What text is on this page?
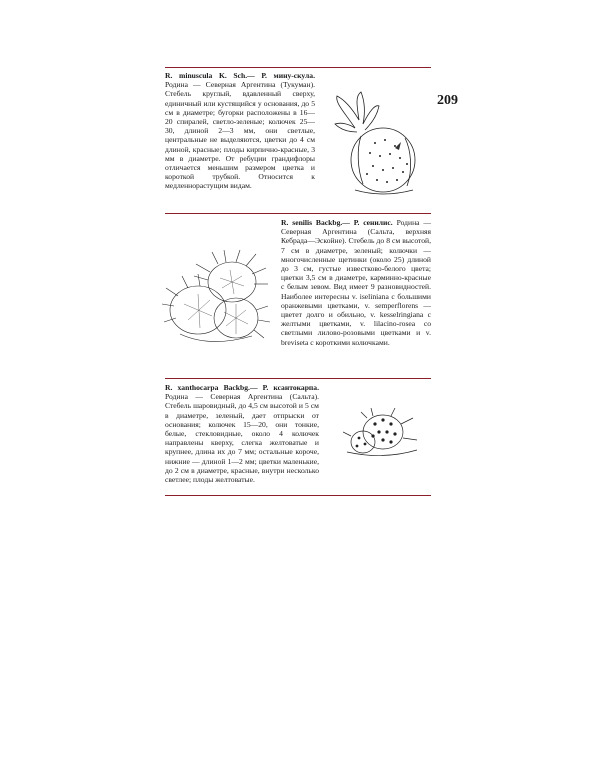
209
R. minuscula K. Sch.— Р. мину-скула. Родина — Северная Аргентина (Тукуман). Стебель круглый, вдавленный сверху, единичный или кустящийся у основания, до 5 см в диаметре; бугорки расположены в 16—20 спиралей, светло-зеленые; колючек 25—30, длиной 2—3 мм, они светлые, центральные не выделяются, цветки до 4 см длиной, красные; плоды кирпично-красные, 3 мм в диаметре. От ребуции грандифлоры отличается меньшим размером цветка и короткой трубкой. Относится к медленнорастущим видам.
R. senilis Backbg.— Р. сенилис. Родина — Северная Аргентина (Сальта, верхняя Кебрада—Эскойне). Стебель до 8 см высотой, 7 см в диаметре, зеленый; колючки — многочисленные щетинки (около 25) длиной до 3 см, густые известково-белого цвета; цветки 3,5 см в диаметре, карминно-красные с белым зевом. Вид имеет 9 разновидностей. Наиболее интересны v. iseliniana с большими оранжевыми цветками, v. semperflorens — цветет долго и обильно, v. kesselringiana с желтыми цветками, v. lilacino-rosea со светлыми лилово-розовыми цветками и v. breviseta с короткими колючками.
R. xanthocarpa Backbg.— Р. ксантокарпа. Родина — Северная Аргентина (Сальта). Стебель шаровидный, до 4,5 см высотой и 5 см в диаметре, зеленый, дает отпрыски от основания; колючек 15—20, они тонкие, белые, стекловидные, около 4 колючек направлены кверху, слегка желтоватые и крупнее, длина их до 7 мм; остальные короче, нижние — длиной 1—2 мм; цветки маленькие, до 2 см в диаметре, красные, внутри несколько светлее; плоды желтоватые.
